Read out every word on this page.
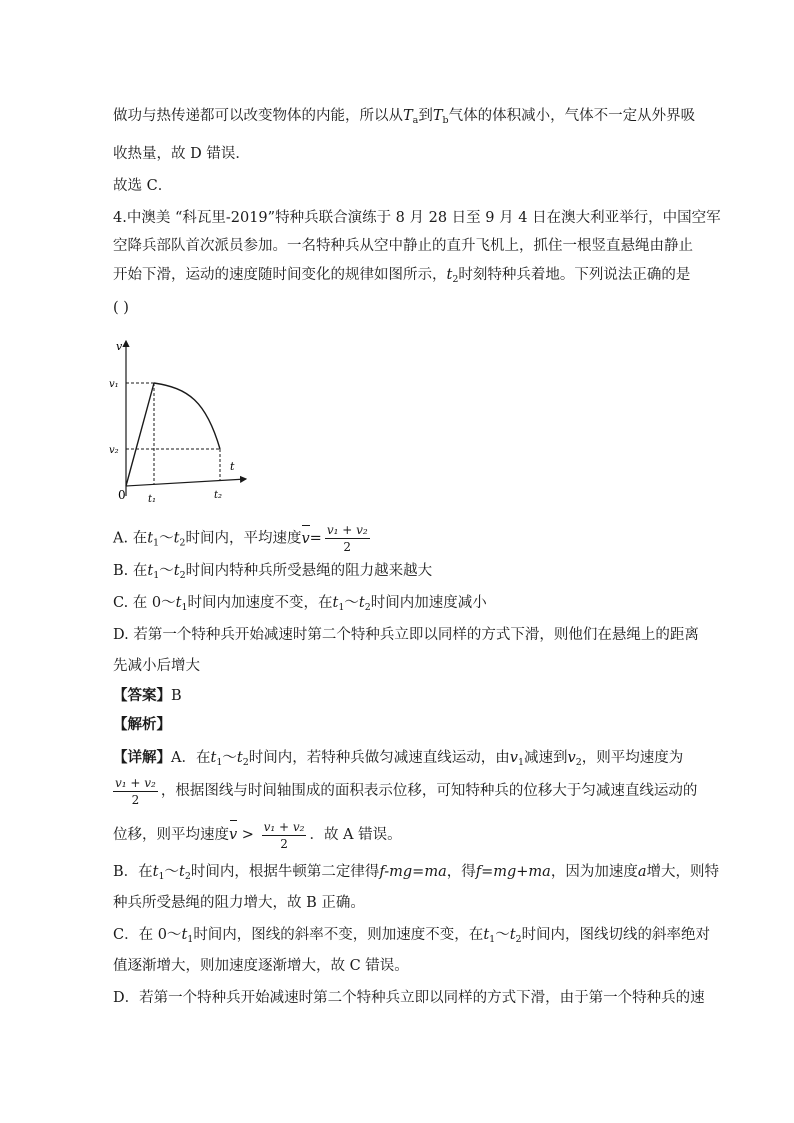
做功与热传递都可以改变物体的内能，所以从$T_a$到$T_b$气体的体积减小，气体不一定从外界吸
收热量，故 D 错误．
故选 C．
4.中澳美 “科瓦里-2019”特种兵联合演练于 8 月 28 日至 9 月 4 日在澳大利亚举行，中国空军
空降兵部队首次派员参加。一名特种兵从空中静止的直升飞机上，抓住一根竖直悬绳由静止
开始下滑，运动的速度随时间变化的规律如图所示，$t_2$时刻特种兵着地。下列说法正确的是
( )
v
t
v₁
v₂
0 t₁	t₂
A. 在$t_1\sim t_2$时间内，平均速度$v= \frac{\text{v₁ + v₂}}{2}$
B. 在$t_1\sim t_2$时间内特种兵所受悬绳的阻力越来越大
C. 在 $0\sim t_1$时间内加速度不变，在$t_1\sim t_2$时间内加速度减小
D. 若第一个特种兵开始减速时第二个特种兵立即以同样的方式下滑，则他们在悬绳上的距离
先减小后增大
【答案】B
【解析】
【详解】A．在$t_1\sim t_2$时间内，若特种兵做匀减速直线运动，由$v_1$减速到$v_2$，则平均速度为
$\frac{\text{v₁ + v₂}}{2}$ ，根据图线与时间轴围成的面积表示位移，可知特种兵的位移大于匀减速直线运动的
位移，则平均速度$v > \frac{\text{v₁ + v₂}}{2}$ ．故 A 错误。
B．在$t_1\sim t_2$时间内，根据牛顿第二定律得f-mg=ma，得f=mg+ma，因为加速度a增大，则特
种兵所受悬绳的阻力增大，故 B 正确。
C．在 $0\sim t_1$时间内，图线的斜率不变，则加速度不变，在$t_1\sim t_2$时间内，图线切线的斜率绝对
值逐渐增大，则加速度逐渐增大，故 C 错误。
D．若第一个特种兵开始减速时第二个特种兵立即以同样的方式下滑，由于第一个特种兵的速
